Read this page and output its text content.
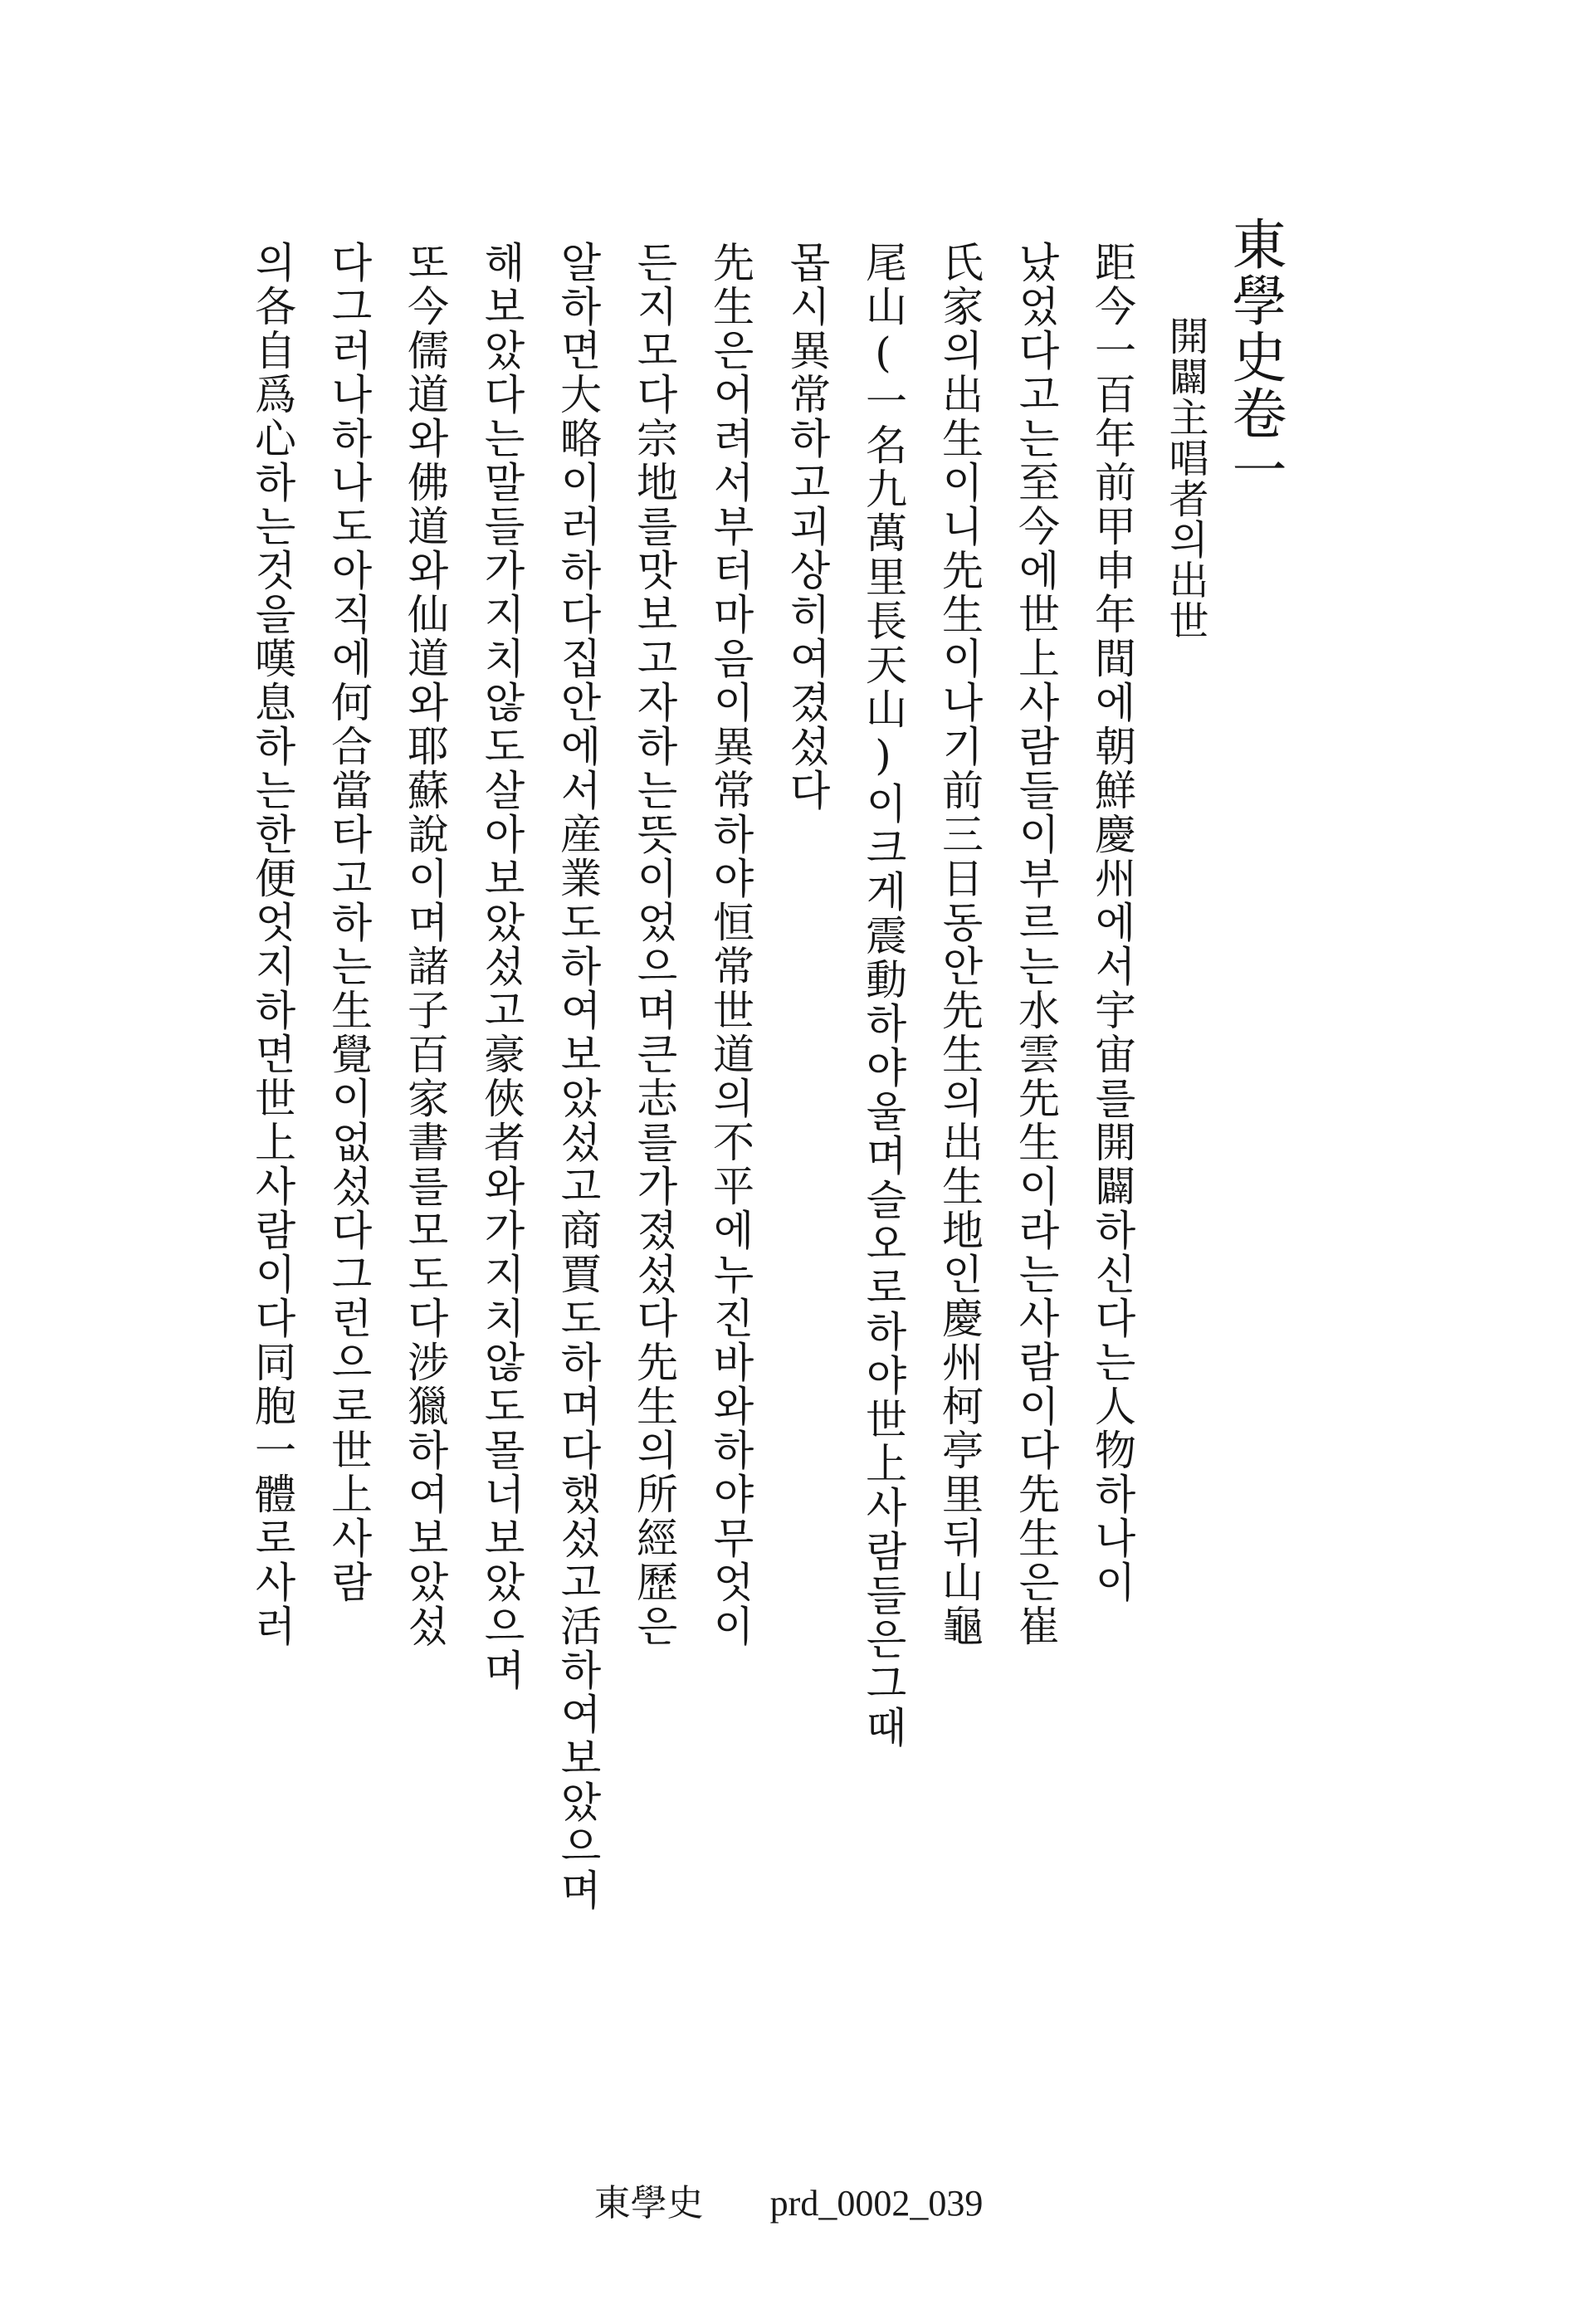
東學史卷一
開闢主唱者의出世
距今一百年前甲申年間에朝鮮慶州에서宇宙를開闢하신다는人物하나이
났었다고는至今에世上사람들이부르는水雲先生이라는사람이다先生은崔
氏家의出生이니先生이나기前三日동안先生의出生地인慶州柯亭里뒤山龜
尾山(一名九萬里長天山)이크게震動하야울며슬오로하야世上사람들은그때
몹시異常하고괴상히여겼섰다
先生은어려서부터마음이異常하야恒常世道의不平에누진바와하야무엇이
든지모다宗地를맛보고자하는뜻이었으며큰志를가졌섰다先生의所經歷은
알하면大略이러하다집안에서産業도하여보았섰고商賈도하며다했섰고活하여보았으며
해보았다는말들가지치않도살아보았섰고豪俠者와가지치않도몰너보았으며
또今儒道와佛道와仙道와耶蘇說이며諸子百家書를모도다涉獵하여보았섰
다그러나하나도아직에何合當타고하는生覺이없섰다그런으로世上사람
의各自爲心하는것을嘆息하는한便엇지하면世上사람이다同胞一體로사러
東學史 prd_0002_039
